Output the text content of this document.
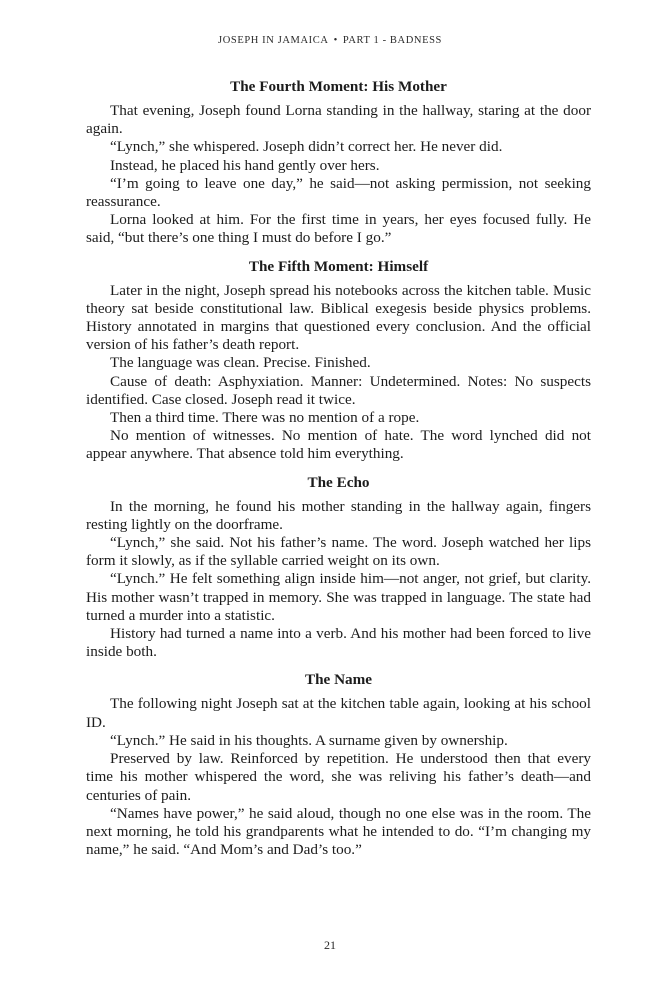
JOSEPH IN JAMAICA • PART 1 - BADNESS
The Fourth Moment: His Mother

That evening, Joseph found Lorna standing in the hallway, staring at the door again.

“Lynch,” she whispered. Joseph didn’t correct her. He never did.

Instead, he placed his hand gently over hers.

“I’m going to leave one day,” he said—not asking permission, not seeking reassurance.

Lorna looked at him. For the first time in years, her eyes focused fully. He said, “but there’s one thing I must do before I go.”

The Fifth Moment: Himself

Later in the night, Joseph spread his notebooks across the kitchen table. Music theory sat beside constitutional law. Biblical exegesis beside physics problems. History annotated in margins that questioned every conclusion. And the official version of his father’s death report.

The language was clean. Precise. Finished.

Cause of death: Asphyxiation. Manner: Undetermined. Notes: No suspects identified. Case closed. Joseph read it twice.

Then a third time. There was no mention of a rope.

No mention of witnesses. No mention of hate. The word lynched did not appear anywhere. That absence told him everything.

The Echo

In the morning, he found his mother standing in the hallway again, fingers resting lightly on the doorframe.

“Lynch,” she said. Not his father’s name. The word. Joseph watched her lips form it slowly, as if the syllable carried weight on its own.

“Lynch.” He felt something align inside him—not anger, not grief, but clarity. His mother wasn’t trapped in memory. She was trapped in language. The state had turned a murder into a statistic.

History had turned a name into a verb. And his mother had been forced to live inside both.

The Name

The following night Joseph sat at the kitchen table again, looking at his school ID.

“Lynch.” He said in his thoughts. A surname given by ownership.

Preserved by law. Reinforced by repetition. He understood then that every time his mother whispered the word, she was reliving his father’s death—and centuries of pain.

“Names have power,” he said aloud, though no one else was in the room. The next morning, he told his grandparents what he intended to do. “I’m changing my name,” he said. “And Mom’s and Dad’s too.”

21
